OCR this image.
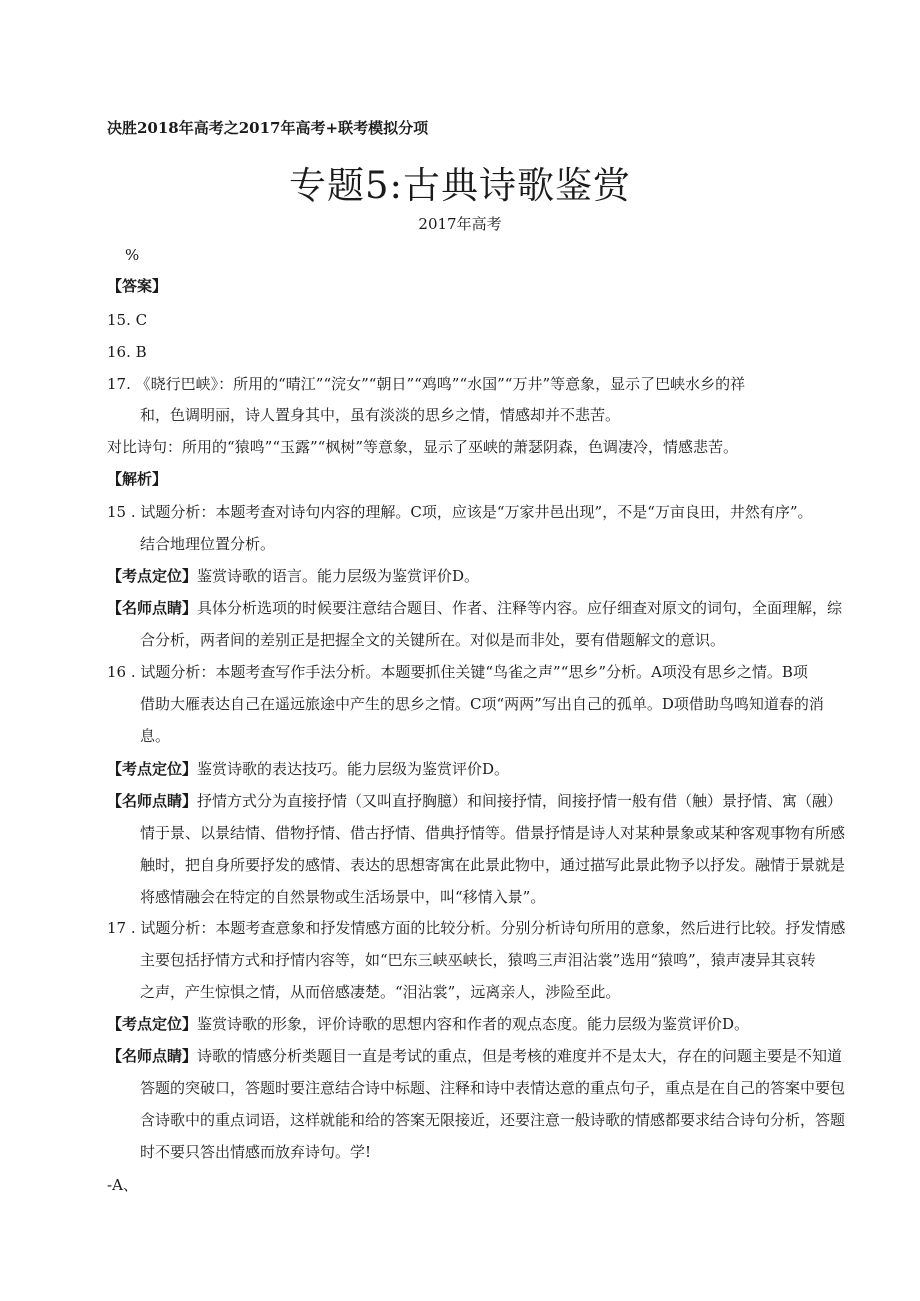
决胜2018年高考之2017年高考+联考模拟分项
专题5:古典诗歌鉴赏
2017年高考
%
【答案】
15. C
16. B
17. 《晓行巴峡》：所用的“晴江”“浣女”“朝日”“鸡鸣”“水国”“万井”等意象，显示了巴峡水乡的祥
和，色调明丽，诗人置身其中，虽有淡淡的思乡之情，情感却并不悲苦。
对比诗句：所用的“猿鸣”“玉露”“枫树”等意象，显示了巫峡的萧瑟阴森，色调凄冷，情感悲苦。
【解析】
15 . 试题分析：本题考查对诗句内容的理解。C项，应该是“万家井邑出现”，不是“万亩良田，井然有序”。
结合地理位置分析。
【考点定位】鉴赏诗歌的语言。能力层级为鉴赏评价D。
【名师点睛】具体分析选项的时候要注意结合题目、作者、注释等内容。应仔细查对原文的词句，全面理解，综
合分析，两者间的差别正是把握全文的关键所在。对似是而非处，要有借题解文的意识。
16 . 试题分析：本题考查写作手法分析。本题要抓住关键“鸟雀之声”“思乡”分析。A项没有思乡之情。B项
借助大雁表达自己在遥远旅途中产生的思乡之情。C项“两两”写出自己的孤单。D项借助鸟鸣知道春的消
息。
【考点定位】鉴赏诗歌的表达技巧。能力层级为鉴赏评价D。
【名师点睛】抒情方式分为直接抒情（又叫直抒胸臆）和间接抒情，间接抒情一般有借（触）景抒情、寓（融）
情于景、以景结情、借物抒情、借古抒情、借典抒情等。借景抒情是诗人对某种景象或某种客观事物有所感
触时，把自身所要抒发的感情、表达的思想寄寓在此景此物中，通过描写此景此物予以抒发。融情于景就是
将感情融会在特定的自然景物或生活场景中，叫“移情入景”。
17 . 试题分析：本题考查意象和抒发情感方面的比较分析。分别分析诗句所用的意象，然后进行比较。抒发情感
主要包括抒情方式和抒情内容等，如“巴东三峡巫峡长，猿鸣三声泪沾裳”选用“猿鸣”，猿声凄异其哀转
之声，产生惊惧之情，从而倍感凄楚。“泪沾裳”，远离亲人，涉险至此。
【考点定位】鉴赏诗歌的形象，评价诗歌的思想内容和作者的观点态度。能力层级为鉴赏评价D。
【名师点睛】诗歌的情感分析类题目一直是考试的重点，但是考核的难度并不是太大，存在的问题主要是不知道
答题的突破口，答题时要注意结合诗中标题、注释和诗中表情达意的重点句子，重点是在自己的答案中要包
含诗歌中的重点词语，这样就能和给的答案无限接近，还要注意一般诗歌的情感都要求结合诗句分析，答题
时不要只答出情感而放弃诗句。学!
-A、
